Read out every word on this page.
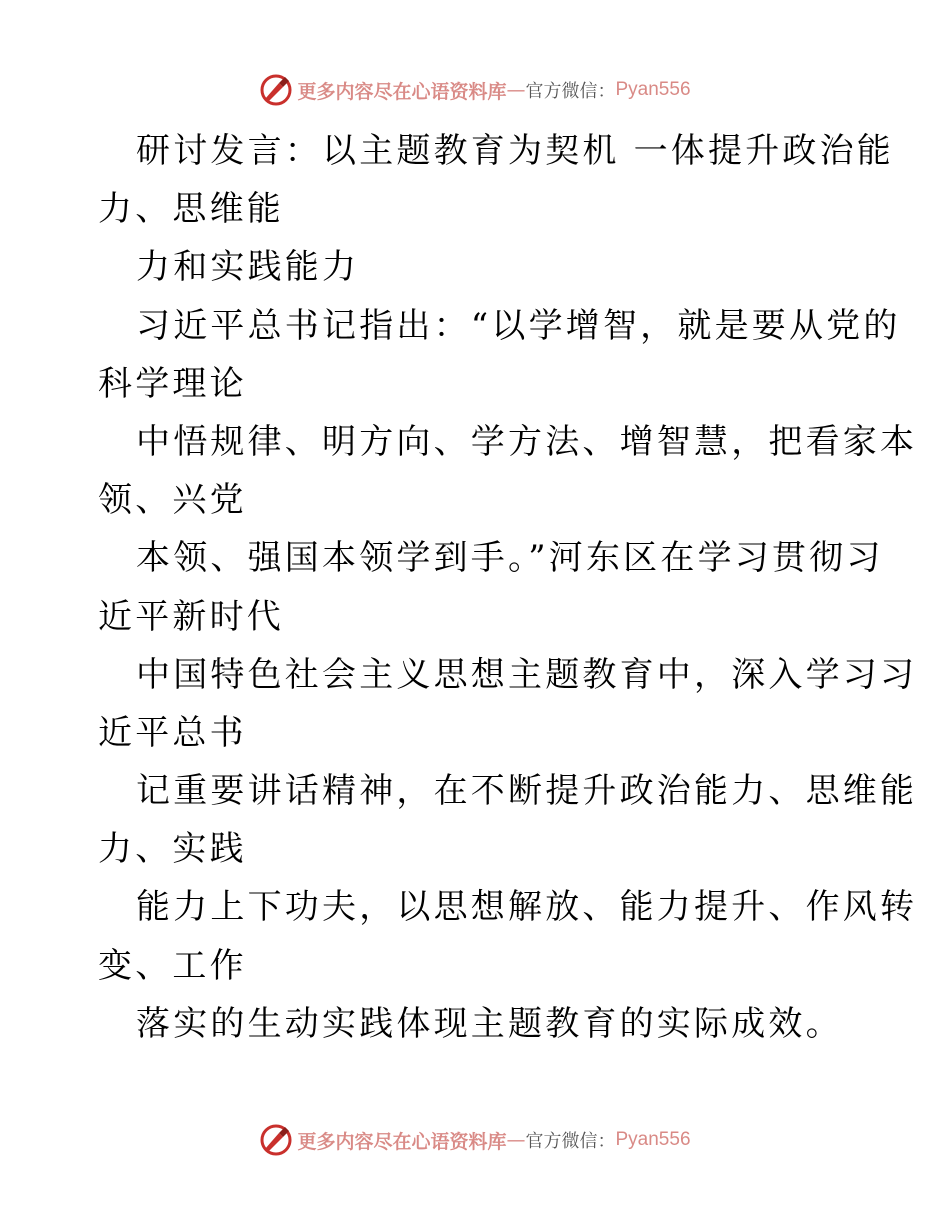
更多内容尽在心语资料库 — 官方微信： Pyan556
研讨发言：以主题教育为契机 一体提升政治能
力、思维能
力和实践能力
习近平总书记指出：“以学增智，就是要从党的
科学理论
中悟规律、明方向、学方法、增智慧，把看家本
领、兴党
本领、强国本领学到手。”河东区在学习贯彻习
近平新时代
中国特色社会主义思想主题教育中，深入学习习
近平总书
记重要讲话精神，在不断提升政治能力、思维能
力、实践
能力上下功夫，以思想解放、能力提升、作风转
变、工作
落实的生动实践体现主题教育的实际成效。
更多内容尽在心语资料库 — 官方微信： Pyan556
